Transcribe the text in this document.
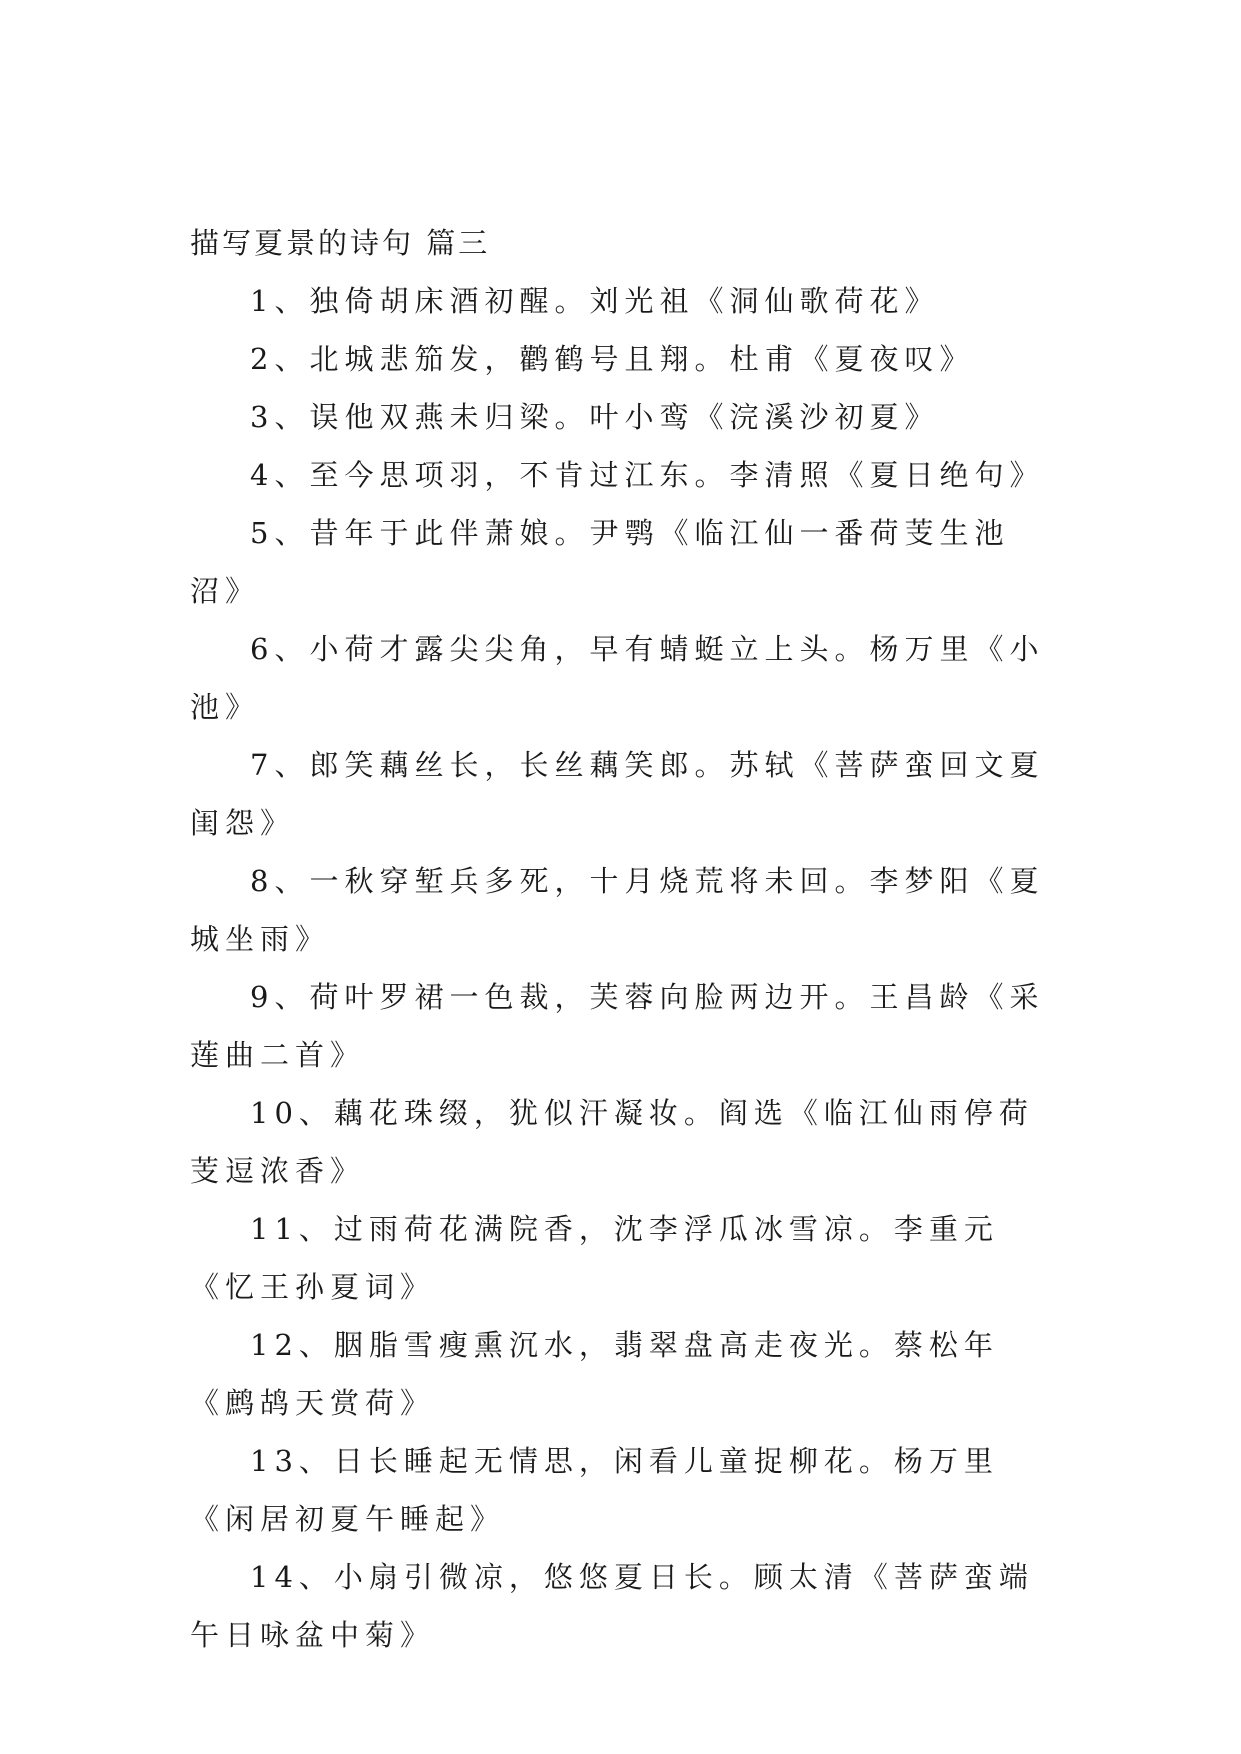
描写夏景的诗句 篇三
1、独倚胡床酒初醒。刘光祖《洞仙歌荷花》
2、北城悲笳发，鹳鹤号且翔。杜甫《夏夜叹》
3、误他双燕未归梁。叶小鸾《浣溪沙初夏》
4、至今思项羽，不肯过江东。李清照《夏日绝句》
5、昔年于此伴萧娘。尹鹗《临江仙一番荷芰生池沼》
6、小荷才露尖尖角，早有蜻蜓立上头。杨万里《小池》
7、郎笑藕丝长，长丝藕笑郎。苏轼《菩萨蛮回文夏闺怨》
8、一秋穿堑兵多死，十月烧荒将未回。李梦阳《夏城坐雨》
9、荷叶罗裙一色裁，芙蓉向脸两边开。王昌龄《采莲曲二首》
10、藕花珠缀，犹似汗凝妆。阎选《临江仙雨停荷芰逗浓香》
11、过雨荷花满院香，沈李浮瓜冰雪凉。李重元《忆王孙夏词》
12、胭脂雪瘦熏沉水，翡翠盘高走夜光。蔡松年《鹧鸪天赏荷》
13、日长睡起无情思，闲看儿童捉柳花。杨万里《闲居初夏午睡起》
14、小扇引微凉，悠悠夏日长。顾太清《菩萨蛮端午日咏盆中菊》
